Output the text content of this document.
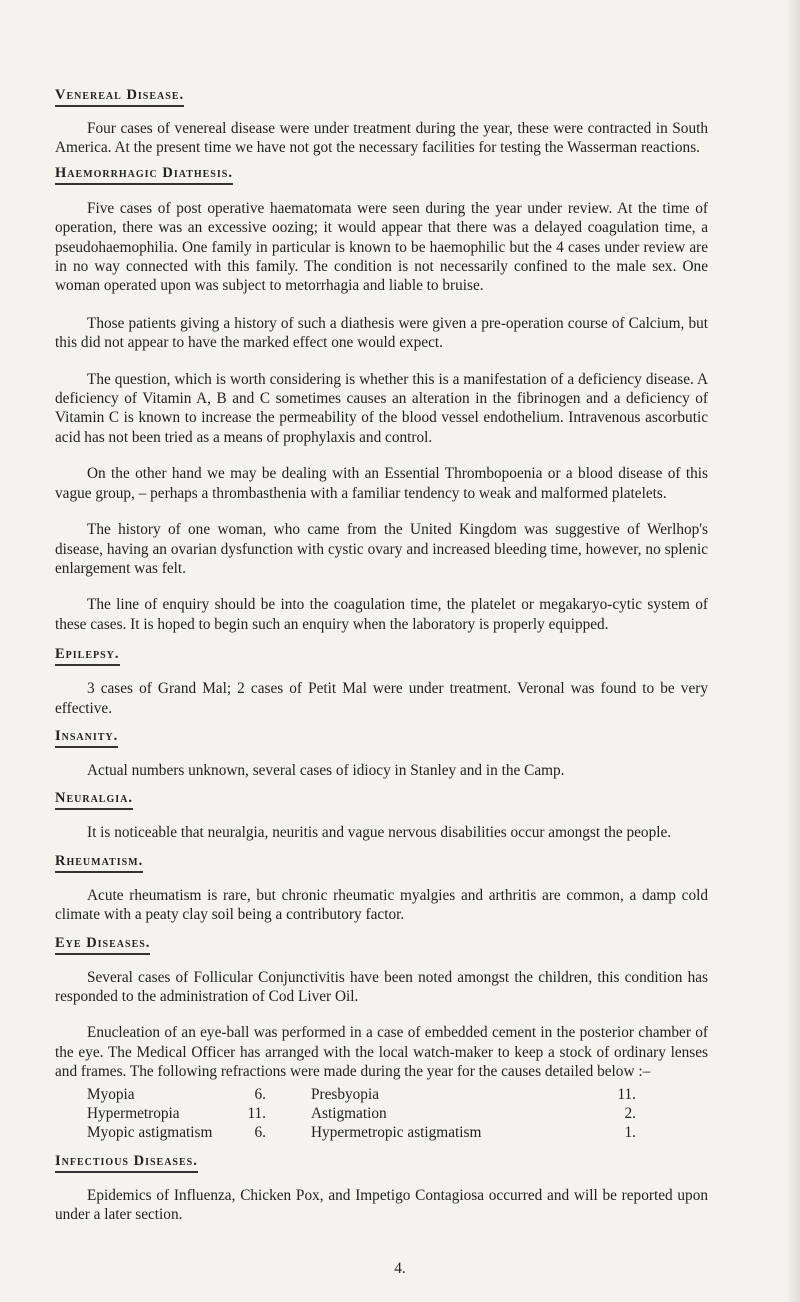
Venereal Disease.

Four cases of venereal disease were under treatment during the year, these were contracted in South America. At the present time we have not got the necessary facilities for testing the Wasserman reactions.

Haemorrhagic Diathesis.

Five cases of post operative haematomata were seen during the year under review. At the time of operation, there was an excessive oozing; it would appear that there was a delayed coagulation time, a pseudohaemophilia. One family in particular is known to be haemophilic but the 4 cases under review are in no way connected with this family. The condition is not necessarily confined to the male sex. One woman operated upon was subject to metorrhagia and liable to bruise.

Those patients giving a history of such a diathesis were given a pre-operation course of Calcium, but this did not appear to have the marked effect one would expect.

The question, which is worth considering is whether this is a manifestation of a deficiency disease. A deficiency of Vitamin A, B and C sometimes causes an alteration in the fibrinogen and a deficiency of Vitamin C is known to increase the permeability of the blood vessel endothelium. Intravenous ascorbutic acid has not been tried as a means of prophylaxis and control.

On the other hand we may be dealing with an Essential Thrombopoenia or a blood disease of this vague group, – perhaps a thrombasthenia with a familiar tendency to weak and malformed platelets.

The history of one woman, who came from the United Kingdom was suggestive of Werlhop's disease, having an ovarian dysfunction with cystic ovary and increased bleeding time, however, no splenic enlargement was felt.

The line of enquiry should be into the coagulation time, the platelet or megakaryo-cytic system of these cases. It is hoped to begin such an enquiry when the laboratory is properly equipped.

Epilepsy.

3 cases of Grand Mal; 2 cases of Petit Mal were under treatment. Veronal was found to be very effective.

Insanity.

Actual numbers unknown, several cases of idiocy in Stanley and in the Camp.

Neuralgia.

It is noticeable that neuralgia, neuritis and vague nervous disabilities occur amongst the people.

Rheumatism.

Acute rheumatism is rare, but chronic rheumatic myalgies and arthritis are common, a damp cold climate with a peaty clay soil being a contributory factor.

Eye Diseases.

Several cases of Follicular Conjunctivitis have been noted amongst the children, this condition has responded to the administration of Cod Liver Oil.

Enucleation of an eye-ball was performed in a case of embedded cement in the posterior chamber of the eye. The Medical Officer has arranged with the local watch-maker to keep a stock of ordinary lenses and frames. The following refractions were made during the year for the causes detailed below :–

Myopia	6.	Presbyopia	11.
Hypermetropia	11.	Astigmation	2.
Myopic astigmatism	6.	Hypermetropic astigmatism	1.
Infectious Diseases.

Epidemics of Influenza, Chicken Pox, and Impetigo Contagiosa occurred and will be reported upon under a later section.

4.
